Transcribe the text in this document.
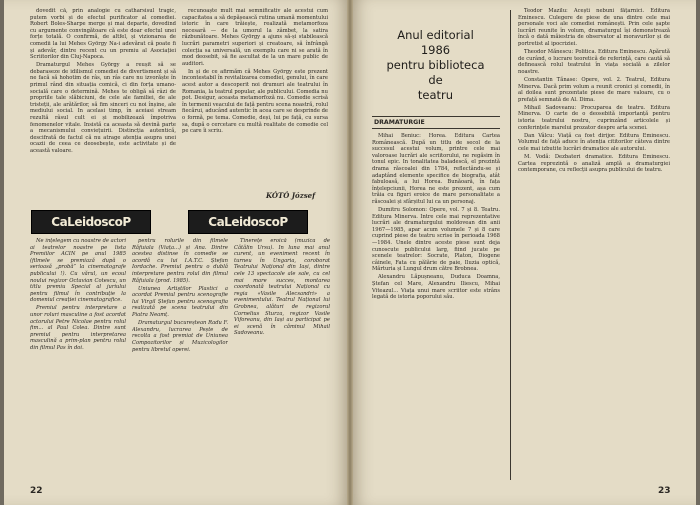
dovedit că, prin analogie cu catharsisul tragic, putem vorbi și de efectul purificator al comediei. Robert Boles-Sharpe merge și mai departe, dovedind cu argumente convingătoare că este doar efectul unei forțe totală. O confirmă, de altfel, și vizionarea de comedii la lui Mehes György Na-i adevărat că poate fi și adevăr, dintre recent cu un premiu al Asociației Scriitorilor din Cluj-Napoca.

Dramaturgul Mehes György a reușit să se debaraseze de idilismul comediei de divertisment și să ne facă să hohotim de râs, un râs care nu izvorăște în primul rând din situația comică, ci din forța umano-socială care o determină. Mehes te obligă să râzi de propriile tale slăbiciuni, de cele ale familiei, de ale tristeții, ale arătărilor, să fim sinceri cu noi înșine, ale mediului social. In acelasi timp, în aceiasi stream rezultă râsul cult ei și mobilizează împotriva fenomenelor vitale. Insistă ca aceasta să devină parte a mecanismului conviețuirii. Distincția autentică, descifrată de factul că nu atrage atenția asupra unei ocazii de ceea ce deosebește, este activitate și de această valoare.

recunoaște mult mai semnificativ ale acestui cum capacitatea a să depășească rutina umană momentului istoric în care trăiește, realizată metamorfoza necesară — de la umorul la zâmbet, la satira răzbunătoare. Mehes György a ajuns să-și stabilească lucrări parametri superiori și creatoare, să înfrângă colecția sa universală, un exemplu care ni se arată în mod deosebit, să fie ascultat de la un mare public de auditori.

In și de ce afirmăm că Mehes György este prezent incontestabil în revitalizarea comediei, genului, în care acest autor a descoperit noi drumuri ale teatrului în Romania, la teatrul popular, ale publicului. Comedia nu pot. Desigur, aceasta metamorfoză nu. Comedie scrisă în termenii veacului de față pentru scena noastră, rolul fiecărui, aducând autentic în acea care se desprinde de o formă, pe tema. Comedie, deși, lui pe față, cu sursa sa, după o cercetare cu multă realitate de comedie cel pe care îi scriu.

KÓTÓ József
CaLeidoscoP	CaLeidoscoP

Ne înțelegem cu noastre de actori ai teatrelor noastre pe lista Premiilor ACIN pe anul 1985 (filmele se premiază după o serioasă „probă” la cinematografe publicului !). Cu vărul, un ecoul noului regizor Octavian Cotescu, un titlu premiu Special al juriului pentru filmul în contribuție la domeniul creației cinematografice.

Premiul pentru interpretare a unor roluri masculine a fost acordat actorului Petre Nicolae pentru rolul fim... al Paul Colea. Dintre sunt premiul pentru interpretarea masculină a prim-plan pentru rolul din filmul Pas în doi.

pentru rolurile din filmele Răfuiala (Viața...) și Ana. Dintre acestea distinse în comedie se acordă cu lui I.A.T.C. Ștefan Iordache. Premiul pentru o dublă interpretare pentru rolul din filmul Răfuiala (prod. 1985).

Uniunea Artiștilor Plastici a acordat Premiul pentru scenografie lui Virgil Ștefan pentru scenografia realizată pe scena teatrului din Piatra Neamț.

Dramaturgul bucureștean Radu F. Alexandru, lucrarea Pește de recolta a fost premiat de Uniunea Compozitorilor și Muzicologilor pentru libretul operei.

Tinerețe eroică (muzica de Cătălin Ursu). In luna mai anul curent, un eveniment recent în turneu în Ungaria, coroborat Teatrului Național din Iași, dintre cele 13 spectacole ale sale, cu cel mai mare succes, montarea coordonată teatrului Național cu regia «Vasile Alecsandri» a evenimentului. Teatrul Național lui Grobnea, alături de regizorul Cornelius Sturza, regizor Vasile Viforeanu, din Iași au participat pe ei scenă în căminul Mihail Sadoveanu.

22
Anul editorial
1986
pentru biblioteca
de
teatru
DRAMATURGIE

Mihai Beniuc: Horea. Editura Cartea Românească. După un titlu de secol de la succesul acestui volum, printre cele mai valoroase lucrări ale scriitorului, ne regăsim în tonul epic. In tonalitatea baladescă, el prezintă drama răscoalei din 1784, reflectându-se și adaptând elemente specifice de biografia, atât fabuloasă, a lui Horea. Bunăoară, în fața înțelepciunii, Horea ne este prezent, așa cum trăia cu figuri eroice de mare personalitate a răscoalei și sfârșitul lui ca un personaj.

Dumitru Solomon: Opere, vol. 7 și 8. Teatru. Editura Minerva. Intre cele mai reprezentative lucrări ale dramaturgului moldovean din anii 1967—1985, apar acum volumele 7 și 8 care cuprind piese de teatru scrise în perioada 1968—1984. Unele dintre aceste piese sunt deja cunoscute publicului larg, fiind jucate pe scenele teatrelor: Socrate, Platon, Diogene câinele, Fata cu pălărie de paie, Iluzia optică, Mărturia și Lungul drum către Brobnea.

Alexandru Lăpușneanu, Duduca Doamna, Ștefan cel Mare, Alexandru Iliescu, Mihai Viteazul... Viața unui mare scriitor este strâns legată de istoria poporului său.

Teodor Mazilu: Acești nebuni fățarnici. Editura Eminescu. Culegere de piese de una dintre cele mai personale voci ale comediei românești. Prin cele șapte lucrări reunite în volum, dramaturgul își demonstrează încă o dată măiestria de observator al moravurilor și de portretist al ipocriziei.

Theodor Mănescu: Politica. Editura Eminescu. Apărută de curând, o lucrare teoretică de referință, care caută să definească rolul teatrului în viața socială a zilelor noastre.

Constantin Tănase: Opere, vol. 2. Teatrul, Editura Minerva. Dacă prim volum a reunit cronici și comedii, în al doilea sunt prezentate piese de mare valoare, cu o prefață semnată de Al. Dima.

Mihail Sadoveanu: Procuparea de teatru. Editura Minerva. O carte de o deosebită importanță pentru istoria teatrului nostru, cuprinzând articolele și conferințele marelui prozator despre arta scenei.

Dan Vâlcu: Viață ca fost dirijor. Editura Eminescu. Volumul de față aduce în atenția cititorilor câteva dintre cele mai izbutite lucrări dramatice ale autorului.

M. Vodă: Dezbateri dramatice. Editura Eminescu. Cartea reprezintă o analiză amplă a dramaturgiei contemporane, cu reflecții asupra publicului de teatru.

23
